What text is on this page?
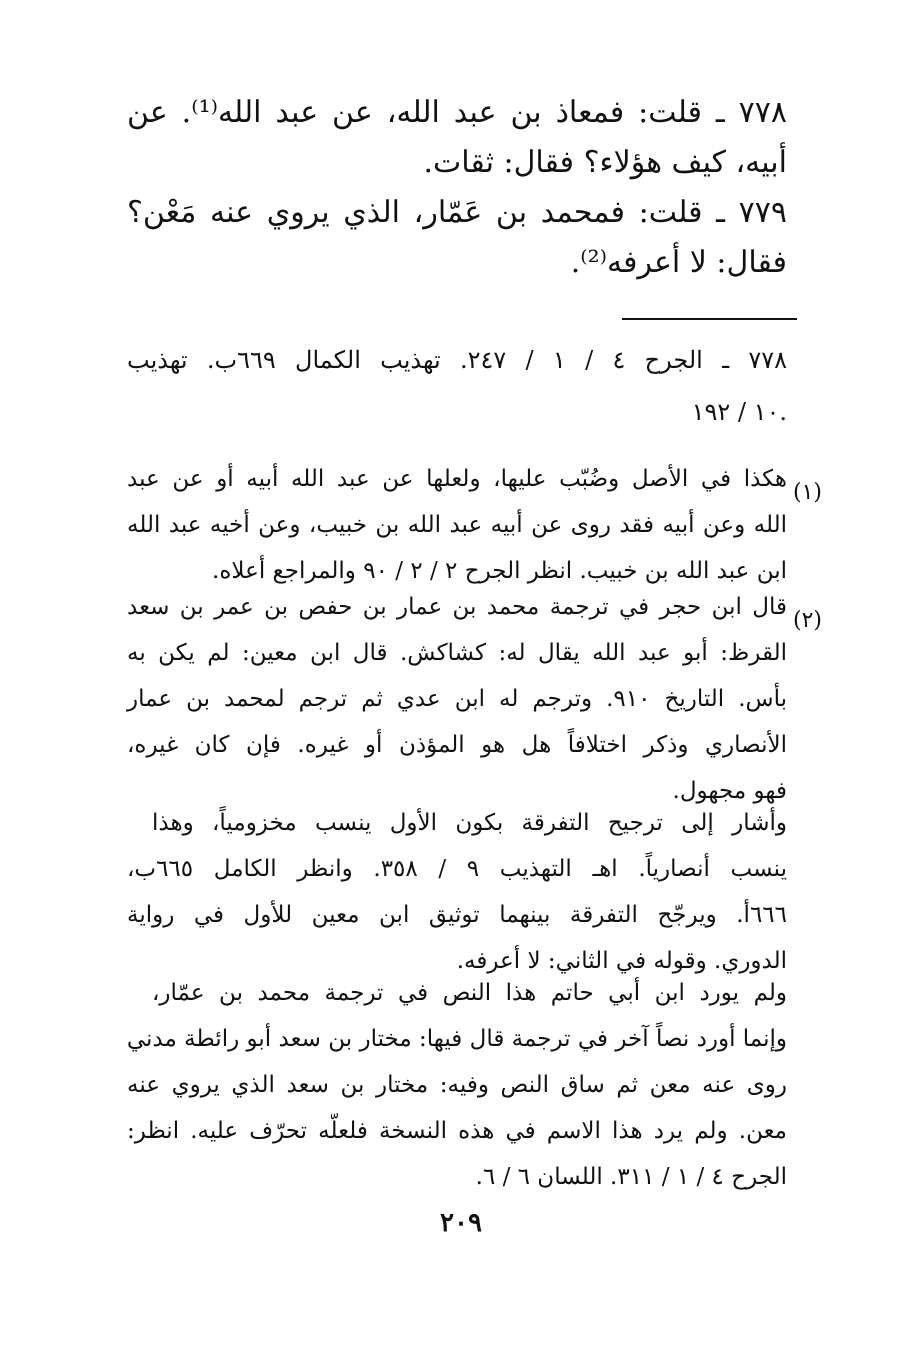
٧٧٨ ـ قلت: فمعاذ بن عبد الله، عن عبد الله⁽¹⁾. عن
أبيه، كيف هؤلاء؟ فقال: ثقات.
٧٧٩ ـ قلت: فمحمد بن عَمّار، الذي يروي عنه مَعْن؟
فقال: لا أعرفه⁽²⁾.
٧٧٨ ـ الجرح ٤ / ١ / ٢٤٧. تهذيب الكمال ٦٦٩ب. تهذيب
١٠ / ١٩٢.
(١)
هكذا في الأصل وضُبّب عليها، ولعلها عن عبد الله أبيه أو عن عبد
الله وعن أبيه فقد روى عن أبيه عبد الله بن خبيب، وعن أخيه عبد الله
ابن عبد الله بن خبيب. انظر الجرح ٢ / ٢ / ٩٠ والمراجع أعلاه.
(٢)
قال ابن حجر في ترجمة محمد بن عمار بن حفص بن عمر بن سعد
القرظ: أبو عبد الله يقال له: كشاكش. قال ابن معين: لم يكن به
بأس. التاريخ ٩١٠. وترجم له ابن عدي ثم ترجم لمحمد بن عمار
الأنصاري وذكر اختلافاً هل هو المؤذن أو غيره. فإن كان غيره،
فهو مجهول.
وأشار إلى ترجيح التفرقة بكون الأول ينسب مخزومياً، وهذا
ينسب أنصارياً. اهـ التهذيب ٩ / ٣٥٨. وانظر الكامل ٦٦٥ب،
٦٦٦أ. ويرجّح التفرقة بينهما توثيق ابن معين للأول في رواية
الدوري. وقوله في الثاني: لا أعرفه.
ولم يورد ابن أبي حاتم هذا النص في ترجمة محمد بن عمّار،
وإنما أورد نصاً آخر في ترجمة قال فيها: مختار بن سعد أبو رائطة مدني
روى عنه معن ثم ساق النص وفيه: مختار بن سعد الذي يروي عنه
معن. ولم يرد هذا الاسم في هذه النسخة فلعلّه تحرّف عليه. انظر:
الجرح ٤ / ١ / ٣١١. اللسان ٦ / ٦.
٢٠٩
